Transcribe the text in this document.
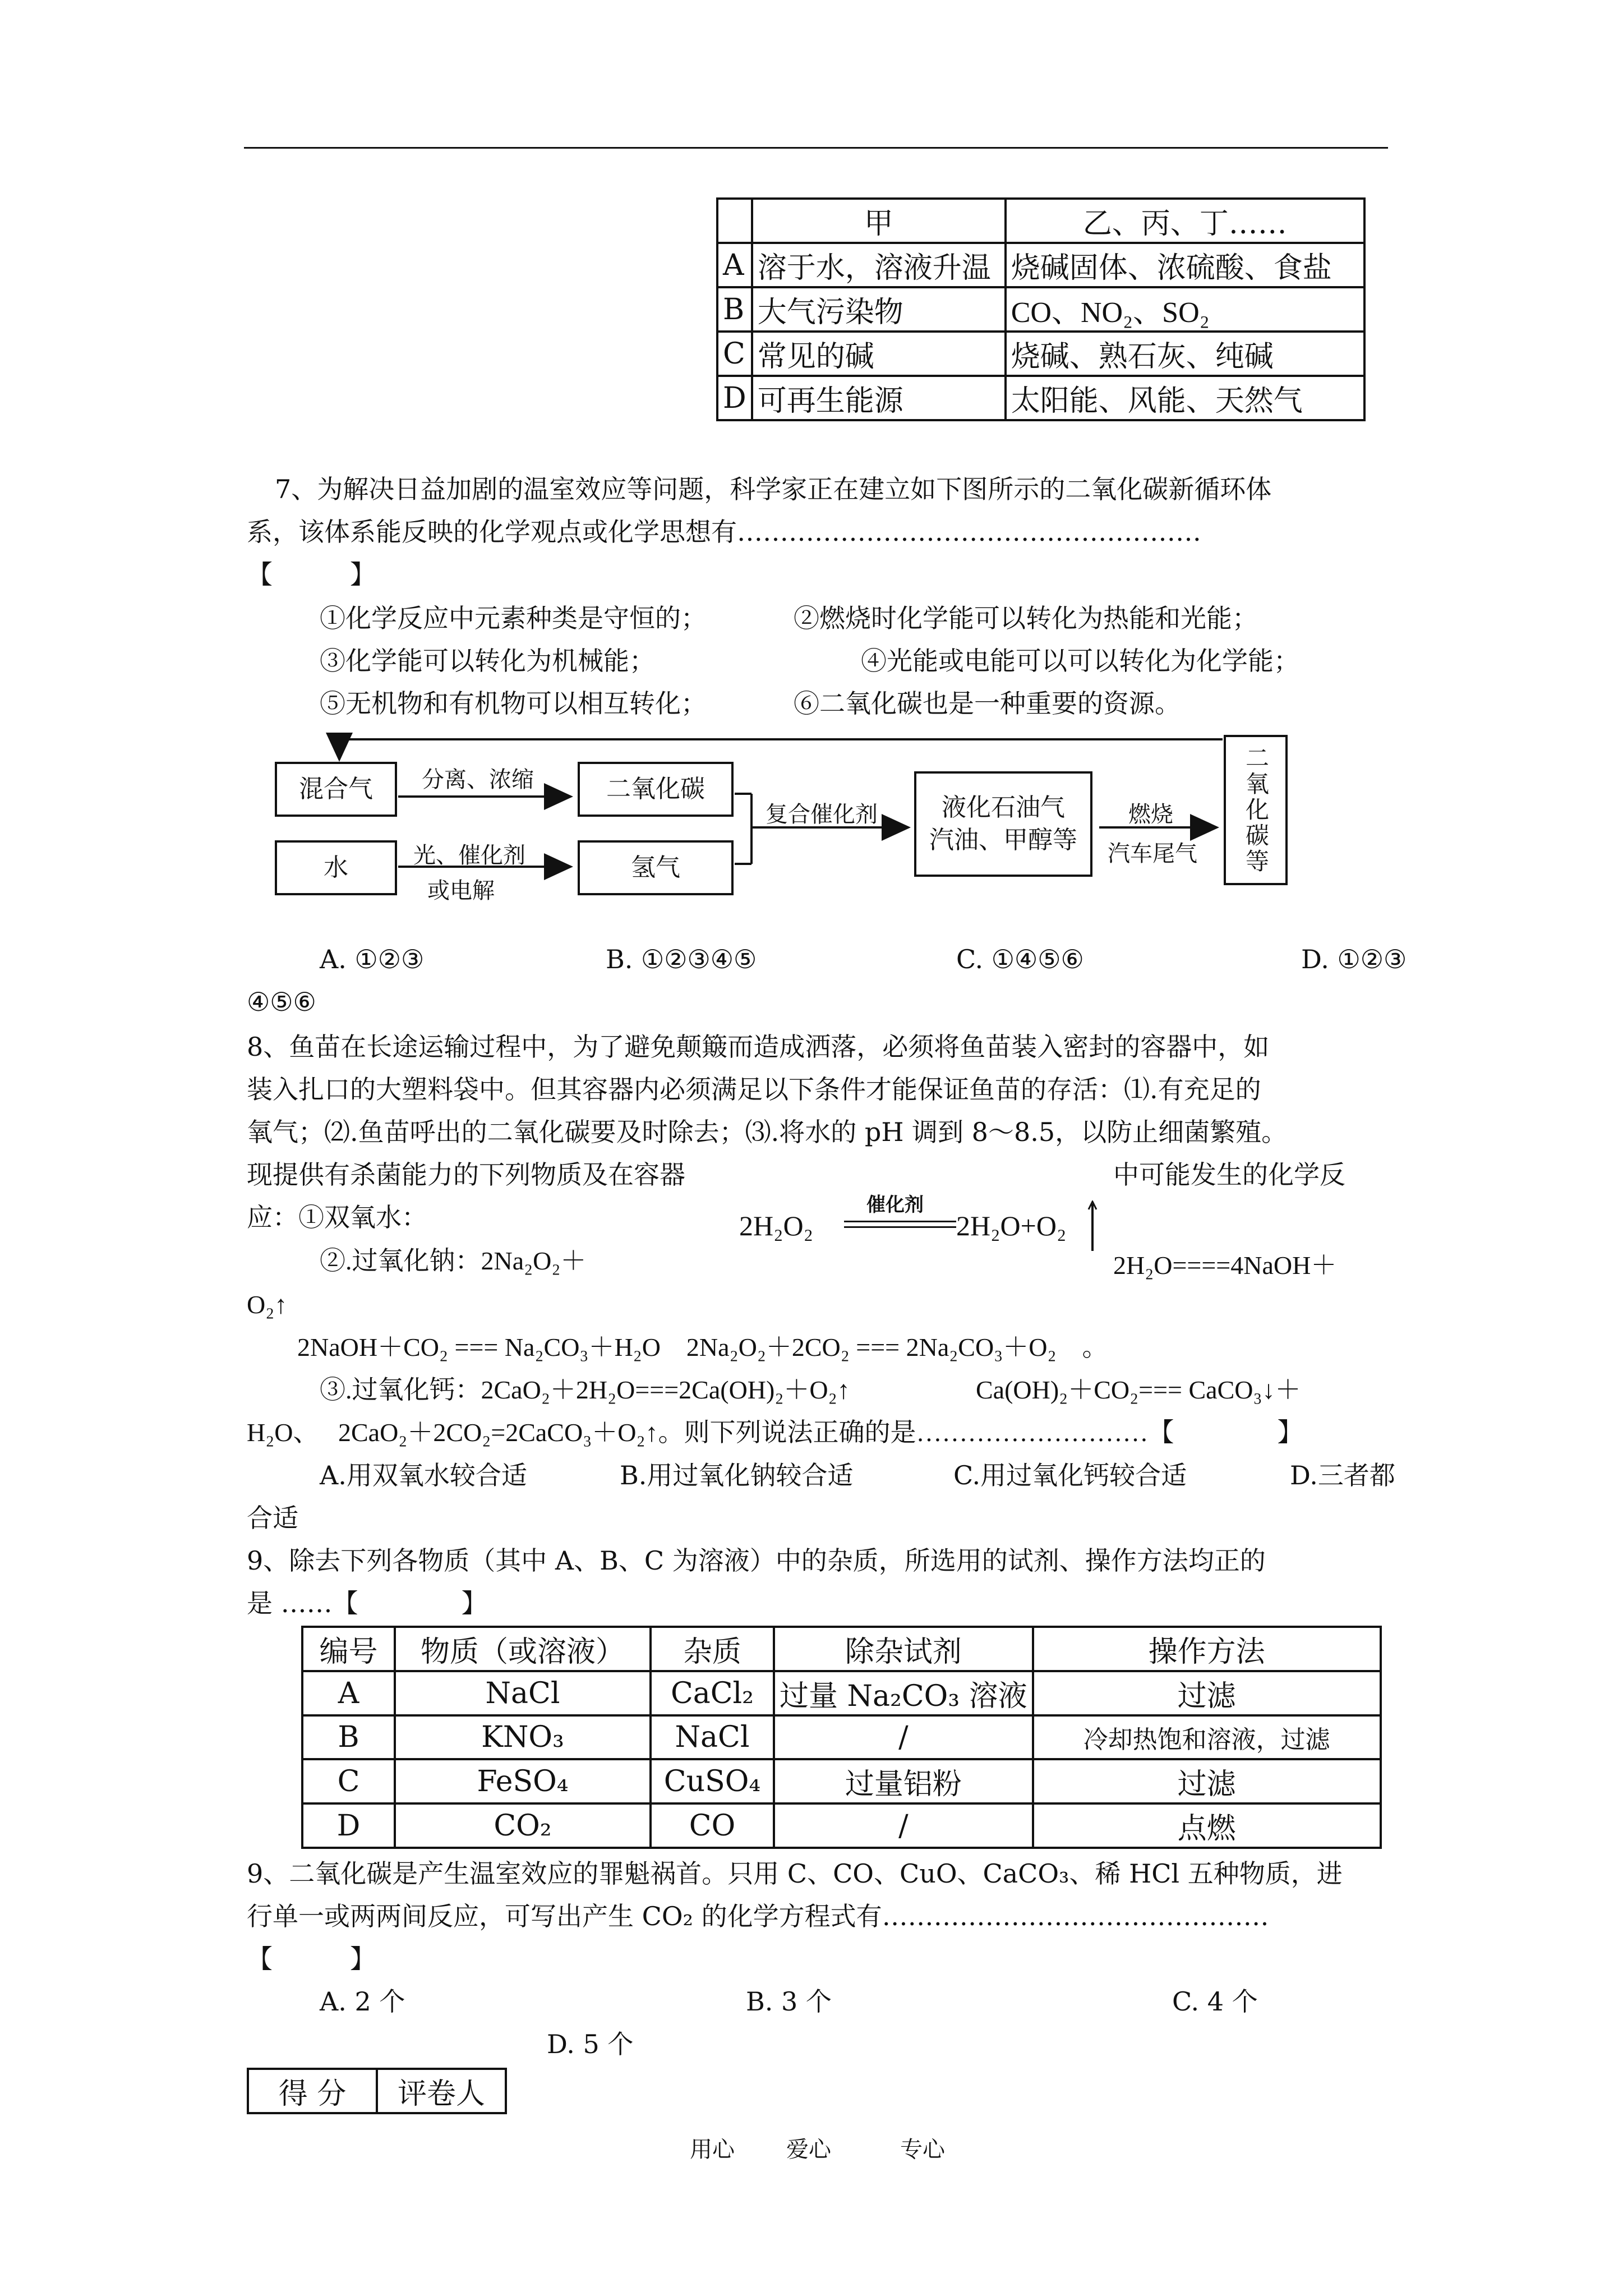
	甲	乙、丙、丁……
A	溶于水，溶液升温	烧碱固体、浓硫酸、食盐
B	大气污染物	CO、NO₂、SO₂
C	常见的碱	烧碱、熟石灰、纯碱
D	可再生能源	太阳能、风能、天然气
7、为解决日益加剧的温室效应等问题，科学家正在建立如下图所示的二氧化碳新循环体
系，该体系能反映的化学观点或化学思想有………………………………………………
【　　　】
①化学反应中元素种类是守恒的；	②燃烧时化学能可以转化为热能和光能；
③化学能可以转化为机械能；	④光能或电能可以可以转化为化学能；
⑤无机物和有机物可以相互转化；	⑥二氧化碳也是一种重要的资源。
混合气
水
二氧化碳
氢气
液化石油气
汽油、甲醇等	二氧化碳等
分离、浓缩
光、催化剂
或电解
复合催化剂	燃烧
汽车尾气
A. ①②③	B. ①②③④⑤	C. ①④⑤⑥	D. ①②③
④⑤⑥
8、鱼苗在长途运输过程中，为了避免颠簸而造成洒落，必须将鱼苗装入密封的容器中，如
装入扎口的大塑料袋中。但其容器内必须满足以下条件才能保证鱼苗的存活：⑴.有充足的
氧气；⑵.鱼苗呼出的二氧化碳要及时除去；⑶.将水的 pH 调到 8～8.5，以防止细菌繁殖。
现提供有杀菌能力的下列物质及在容器	中可能发生的化学反
应：①双氧水：	2H₂O₂
催化剂
2H₂O+O₂
②.过氧化钠：2Na₂O₂＋	2H₂O====4NaOH＋
O₂↑
2NaOH＋CO₂ === Na₂CO₃＋H₂O　2Na₂O₂＋2CO₂ === 2Na₂CO₃＋O₂　。
③.过氧化钙：2CaO₂＋2H₂O===2Ca(OH)₂＋O₂↑	Ca(OH)₂＋CO₂=== CaCO₃↓＋
H₂O、　 2CaO₂＋2CO₂=2CaCO₃＋O₂↑。则下列说法正确的是………………………【　　　　】
A.用双氧水较合适	B.用过氧化钠较合适	C.用过氧化钙较合适	D.三者都
合适
9、除去下列各物质（其中 A、B、C 为溶液）中的杂质，所选用的试剂、操作方法均正的
是 ……【　　　　】
编号	物质（或溶液）	杂质	除杂试剂	操作方法
A	NaCl	CaCl₂	过量 Na₂CO₃ 溶液	过滤
B	KNO₃	NaCl	/	冷却热饱和溶液，过滤
C	FeSO₄	CuSO₄	过量铝粉	过滤
D	CO₂	CO	/	点燃
9、二氧化碳是产生温室效应的罪魁祸首。只用 C、CO、CuO、CaCO₃、稀 HCl 五种物质，进
行单一或两两间反应，可写出产生 CO₂ 的化学方程式有………………………………………
【　　　】
A. 2 个	B. 3 个	C. 4 个
D. 5 个
得 分	评卷人
用心 爱心	专心
